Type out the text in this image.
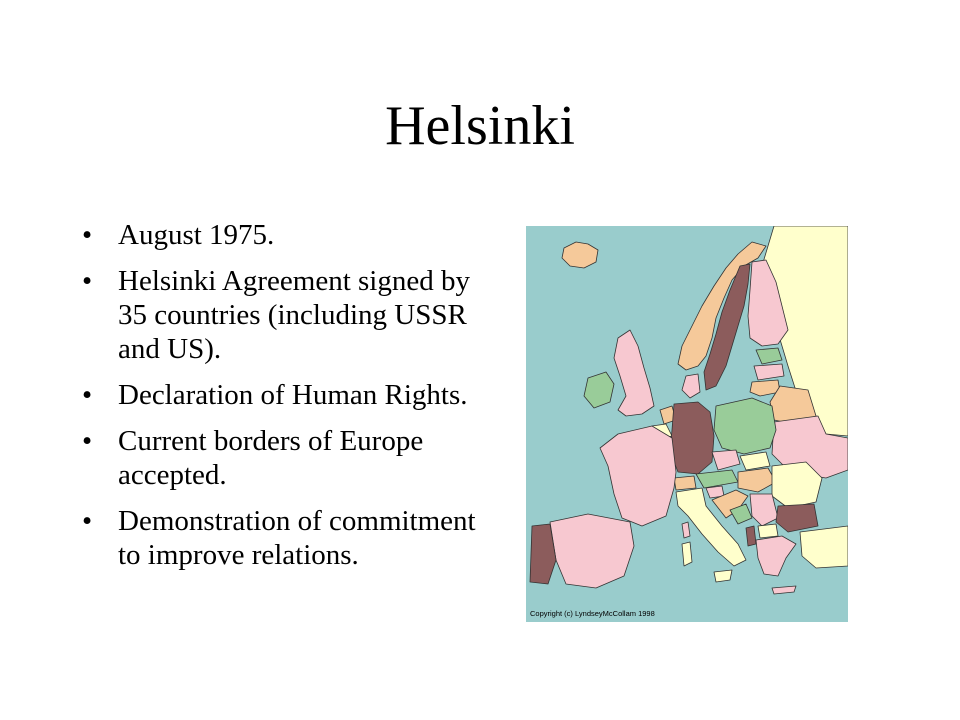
Helsinki
• August 1975.
• Helsinki Agreement signed by 35 countries (including USSR and US).
• Declaration of Human Rights.
• Current borders of Europe accepted.
• Demonstration of commitment to improve relations.
Copyright (c) LyndseyMcCollam 1998
